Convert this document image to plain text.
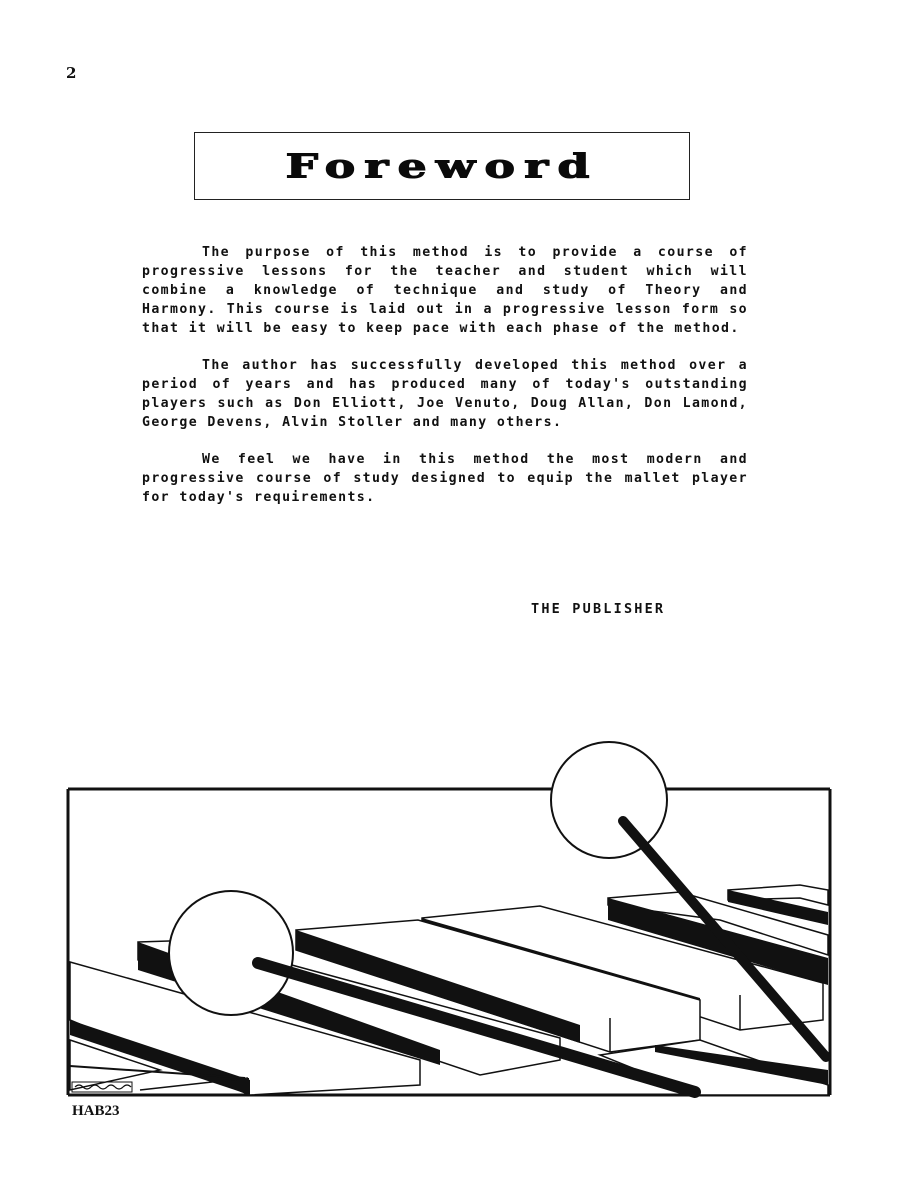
2
Foreword

The purpose of this method is to provide a course of progressive lessons for the teacher and student which will combine a knowledge of technique and study of Theory and Harmony. This course is laid out in a progressive lesson form so that it will be easy to keep pace with each phase of the method.

The author has successfully developed this method over a period of years and has produced many of today's outstanding players such as Don Elliott, Joe Venuto, Doug Allan, Don Lamond, George Devens, Alvin Stoller and many others.

We feel we have in this method the most modern and progressive course of study designed to equip the mallet player for today's requirements.

THE PUBLISHER
HAB23
